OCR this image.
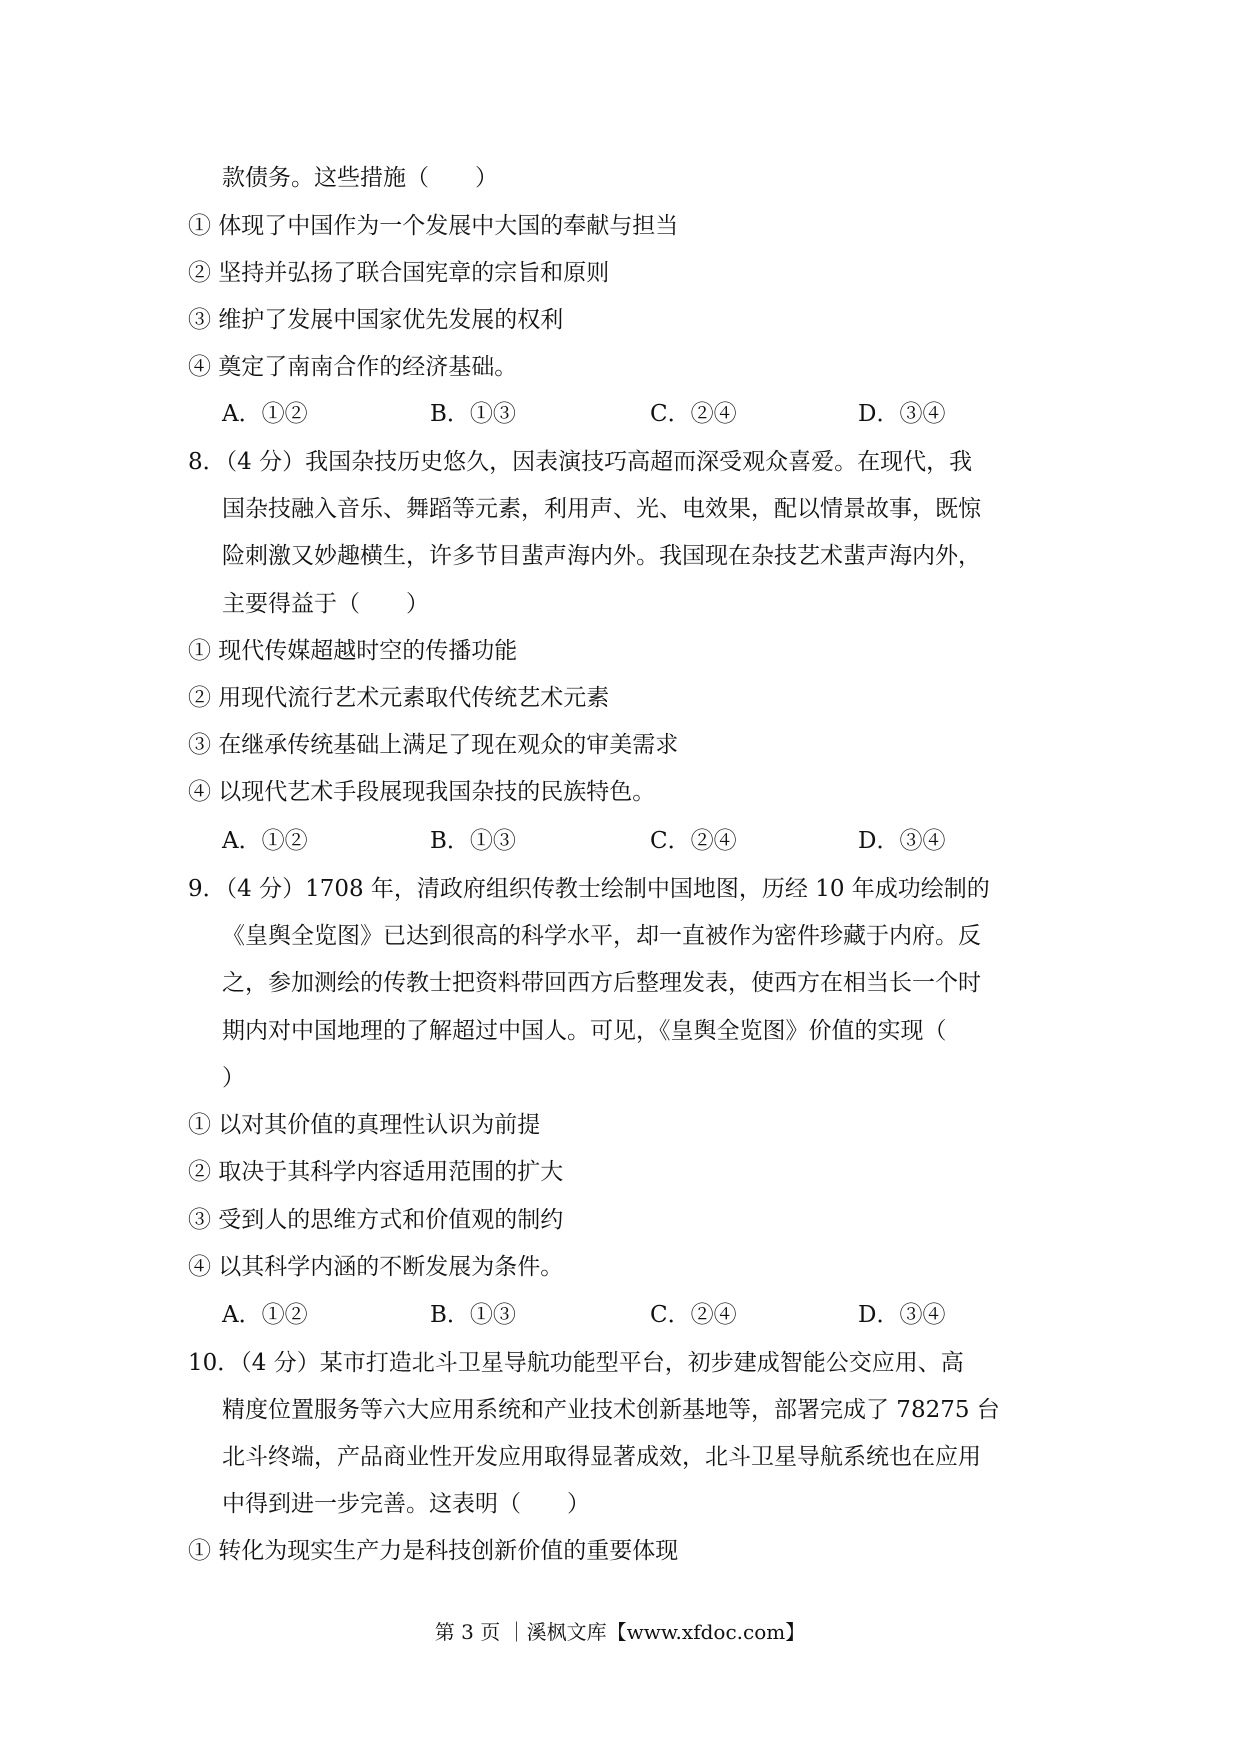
款债务。这些措施（　　）
① 体现了中国作为一个发展中大国的奉献与担当
② 坚持并弘扬了联合国宪章的宗旨和原则
③ 维护了发展中国家优先发展的权利
④ 奠定了南南合作的经济基础。
A．①②	B．①③	C．②④	D．③④
8．（4 分）我国杂技历史悠久，因表演技巧高超而深受观众喜爱。在现代，我
国杂技融入音乐、舞蹈等元素，利用声、光、电效果，配以情景故事，既惊
险刺激又妙趣横生，许多节目蜚声海内外。我国现在杂技艺术蜚声海内外，
主要得益于（　　）
① 现代传媒超越时空的传播功能
② 用现代流行艺术元素取代传统艺术元素
③ 在继承传统基础上满足了现在观众的审美需求
④ 以现代艺术手段展现我国杂技的民族特色。
A．①②	B．①③	C．②④	D．③④
9．（4 分）1708 年，清政府组织传教士绘制中国地图，历经 10 年成功绘制的
《皇舆全览图》已达到很高的科学水平，却一直被作为密件珍藏于内府。反
之，参加测绘的传教士把资料带回西方后整理发表，使西方在相当长一个时
期内对中国地理的了解超过中国人。可见，《皇舆全览图》价值的实现（
）
① 以对其价值的真理性认识为前提
② 取决于其科学内容适用范围的扩大
③ 受到人的思维方式和价值观的制约
④ 以其科学内涵的不断发展为条件。
A．①②	B．①③	C．②④	D．③④
10．（4 分）某市打造北斗卫星导航功能型平台，初步建成智能公交应用、高
精度位置服务等六大应用系统和产业技术创新基地等，部署完成了 78275 台
北斗终端，产品商业性开发应用取得显著成效，北斗卫星导航系统也在应用
中得到进一步完善。这表明（　　）
① 转化为现实生产力是科技创新价值的重要体现
第 3 页 ｜溪枫文库【www.xfdoc.com】
